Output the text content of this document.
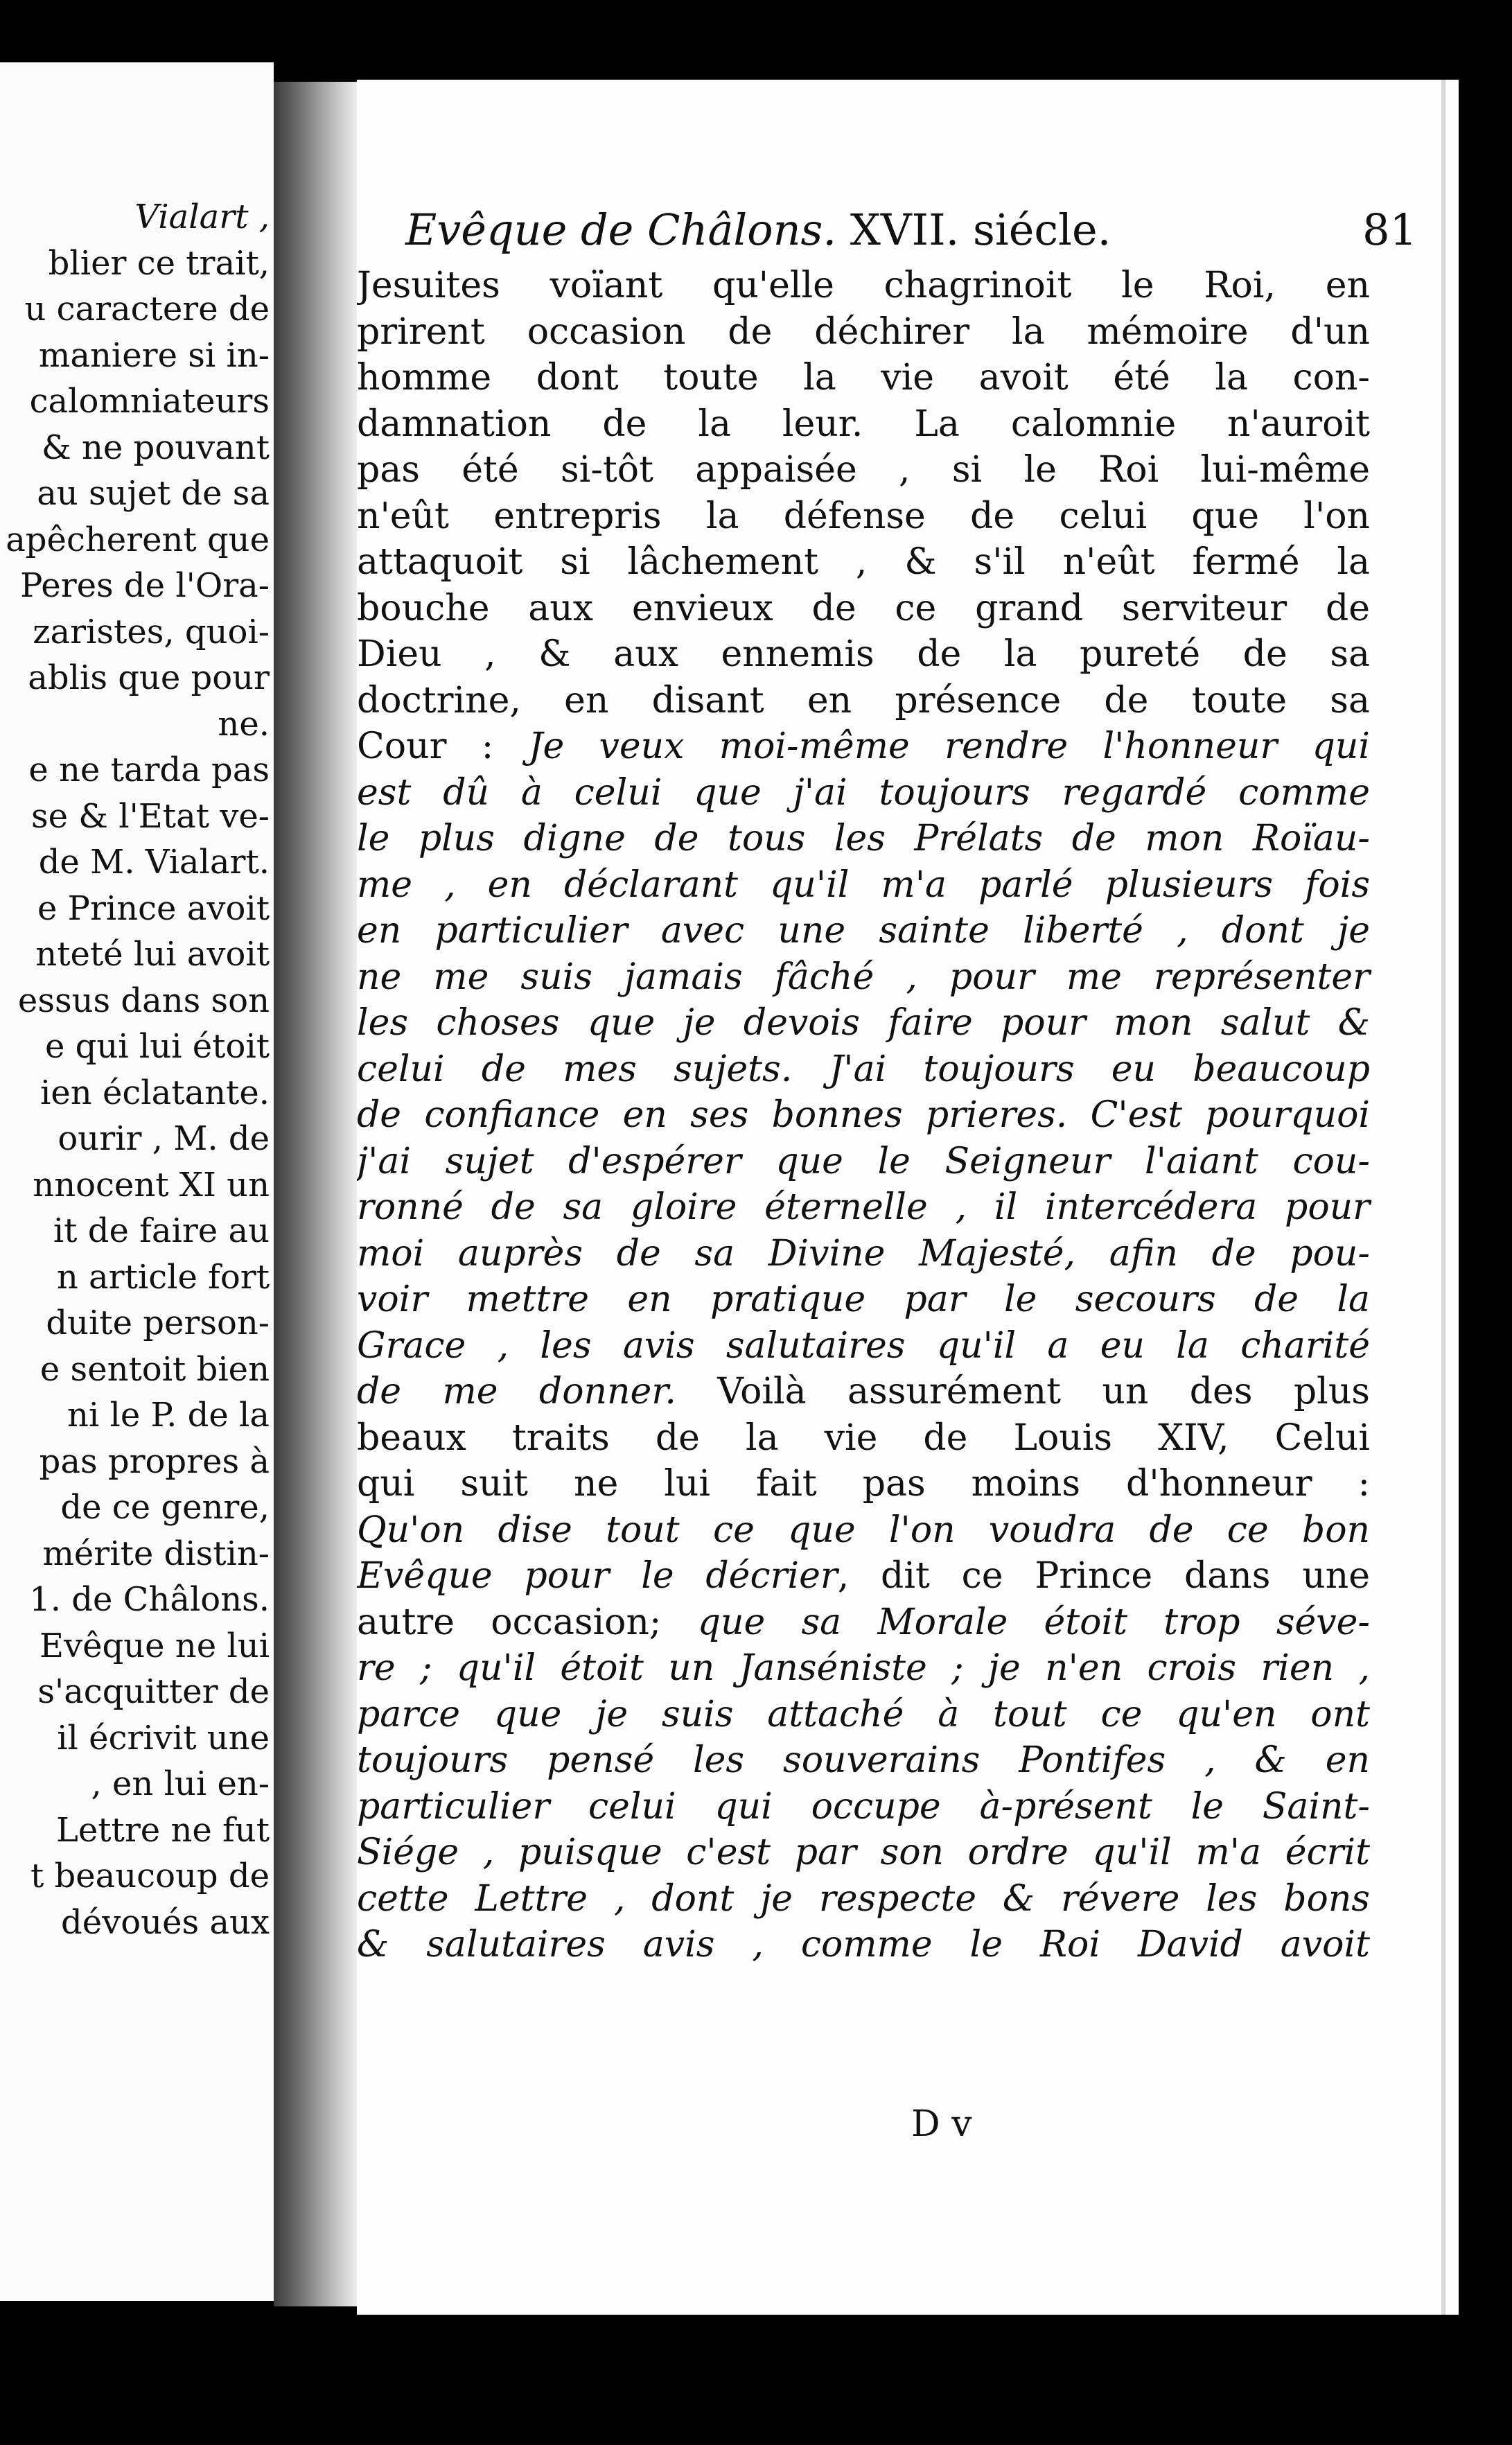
Vialart ,
blier ce trait,
u caractere de
maniere si in-
calomniateurs
& ne pouvant
au sujet de sa
apêcherent que
Peres de l'Ora-
zaristes, quoi-
ablis que pour
ne.
e ne tarda pas
se & l'Etat ve-
de M. Vialart.
e Prince avoit
nteté lui avoit
essus dans son
e qui lui étoit
ien éclatante.
ourir , M. de
nnocent XI un
it de faire au
n article fort
duite person-
e sentoit bien
ni le P. de la
pas propres à
de ce genre,
mérite distin-
1. de Châlons.
Evêque ne lui
s'acquitter de
il écrivit une
, en lui en-
Lettre ne fut
t beaucoup de
dévoués aux
Evêque de Châlons. XVII. siécle.	81
Jesuites voïant qu'elle chagrinoit le Roi, en
prirent occasion de déchirer la mémoire d'un
homme dont toute la vie avoit été la con-
damnation de la leur. La calomnie n'auroit
pas été si-tôt appaisée , si le Roi lui-même
n'eût entrepris la défense de celui que l'on
attaquoit si lâchement , & s'il n'eût fermé la
bouche aux envieux de ce grand serviteur de
Dieu , & aux ennemis de la pureté de sa
doctrine, en disant en présence de toute sa
Cour : Je veux moi-même rendre l'honneur qui
est dû à celui que j'ai toujours regardé comme
le plus digne de tous les Prélats de mon Roïau-
me , en déclarant qu'il m'a parlé plusieurs fois
en particulier avec une sainte liberté , dont je
ne me suis jamais fâché , pour me représenter
les choses que je devois faire pour mon salut &
celui de mes sujets. J'ai toujours eu beaucoup
de confiance en ses bonnes prieres. C'est pourquoi
j'ai sujet d'espérer que le Seigneur l'aiant cou-
ronné de sa gloire éternelle , il intercédera pour
moi auprès de sa Divine Majesté, afin de pou-
voir mettre en pratique par le secours de la
Grace , les avis salutaires qu'il a eu la charité
de me donner. Voilà assurément un des plus
beaux traits de la vie de Louis XIV, Celui
qui suit ne lui fait pas moins d'honneur :
Qu'on dise tout ce que l'on voudra de ce bon
Evêque pour le décrier, dit ce Prince dans une
autre occasion; que sa Morale étoit trop séve-
re ; qu'il étoit un Janséniste ; je n'en crois rien ,
parce que je suis attaché à tout ce qu'en ont
toujours pensé les souverains Pontifes , & en
particulier celui qui occupe à-présent le Saint-
Siége , puisque c'est par son ordre qu'il m'a écrit
cette Lettre , dont je respecte & révere les bons
& salutaires avis , comme le Roi David avoit
D v
